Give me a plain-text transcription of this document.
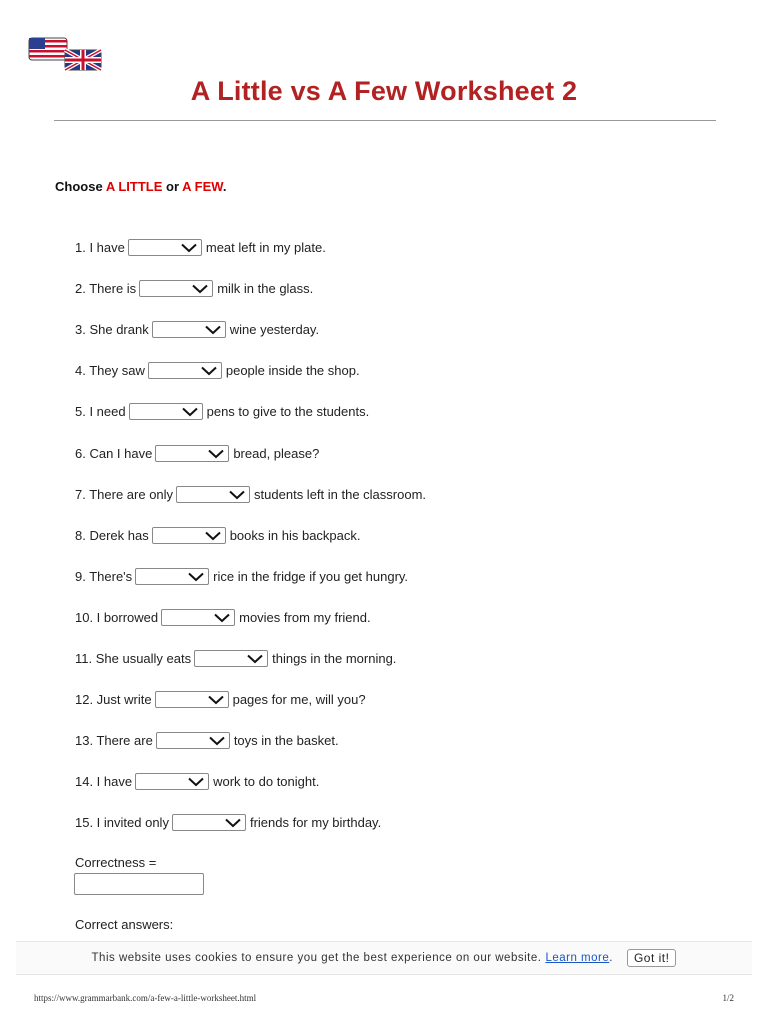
A Little vs A Few Worksheet 2
Choose A LITTLE or A FEW.
1. I have	meat left in my plate.
2. There is	milk in the glass.
3. She drank	wine yesterday.
4. They saw	people inside the shop.
5. I need	pens to give to the students.
6. Can I have	bread, please?
7. There are only	students left in the classroom.
8. Derek has	books in his backpack.
9. There's	rice in the fridge if you get hungry.
10. I borrowed	movies from my friend.
11. She usually eats	things in the morning.
12. Just write	pages for me, will you?
13. There are	toys in the basket.
14. I have	work to do tonight.
15. I invited only	friends for my birthday.
Correctness =
Correct answers:
This website uses cookies to ensure you get the best experience on our website. Learn more .	Got it!
https://www.grammarbank.com/a-few-a-little-worksheet.html	1/2
